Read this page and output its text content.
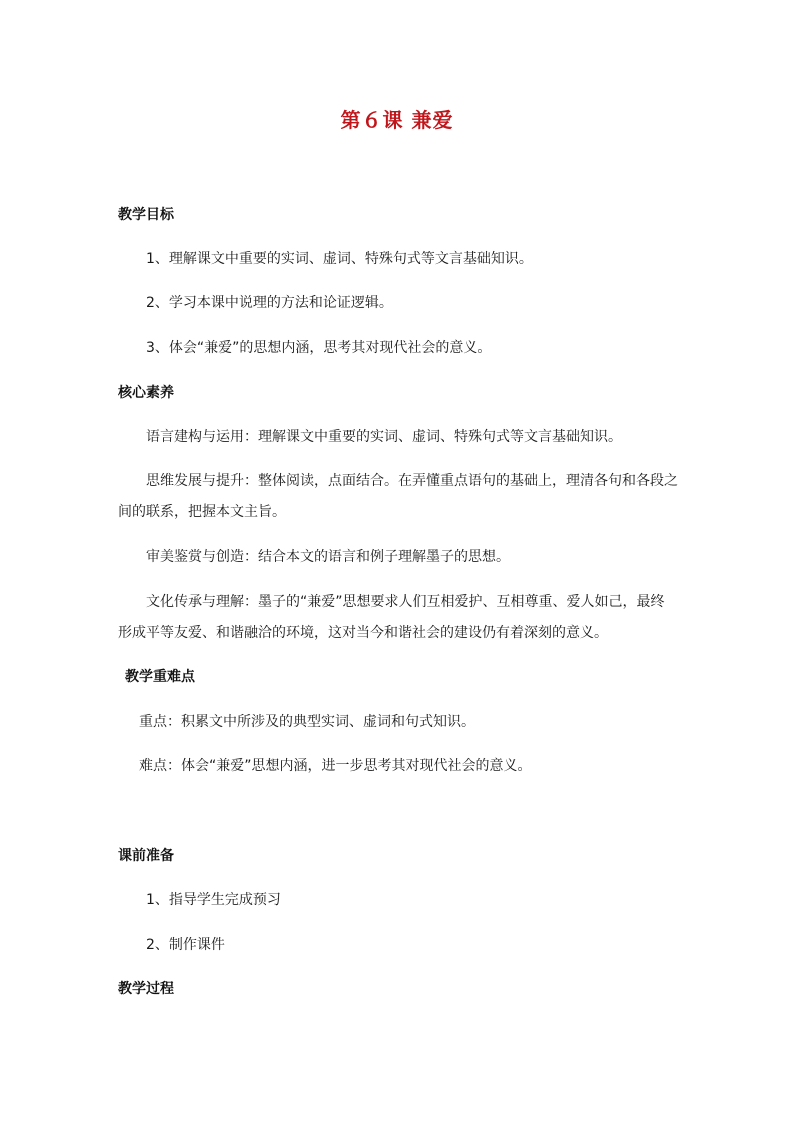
第６课 兼爱
教学目标
1、理解课文中重要的实词、虚词、特殊句式等文言基础知识。
2、学习本课中说理的方法和论证逻辑。
3、体会“兼爱”的思想内涵，思考其对现代社会的意义。
核心素养
语言建构与运用：理解课文中重要的实词、虚词、特殊句式等文言基础知识。
思维发展与提升：整体阅读，点面结合。在弄懂重点语句的基础上，理清各句和各段之
间的联系，把握本文主旨。
审美鉴赏与创造：结合本文的语言和例子理解墨子的思想。
文化传承与理解：墨子的“兼爱”思想要求人们互相爱护、互相尊重、爱人如己，最终
形成平等友爱、和谐融洽的环境，这对当今和谐社会的建设仍有着深刻的意义。
教学重难点
重点：积累文中所涉及的典型实词、虚词和句式知识。
难点：体会“兼爱”思想内涵，进一步思考其对现代社会的意义。
课前准备
1、指导学生完成预习
2、制作课件
教学过程
